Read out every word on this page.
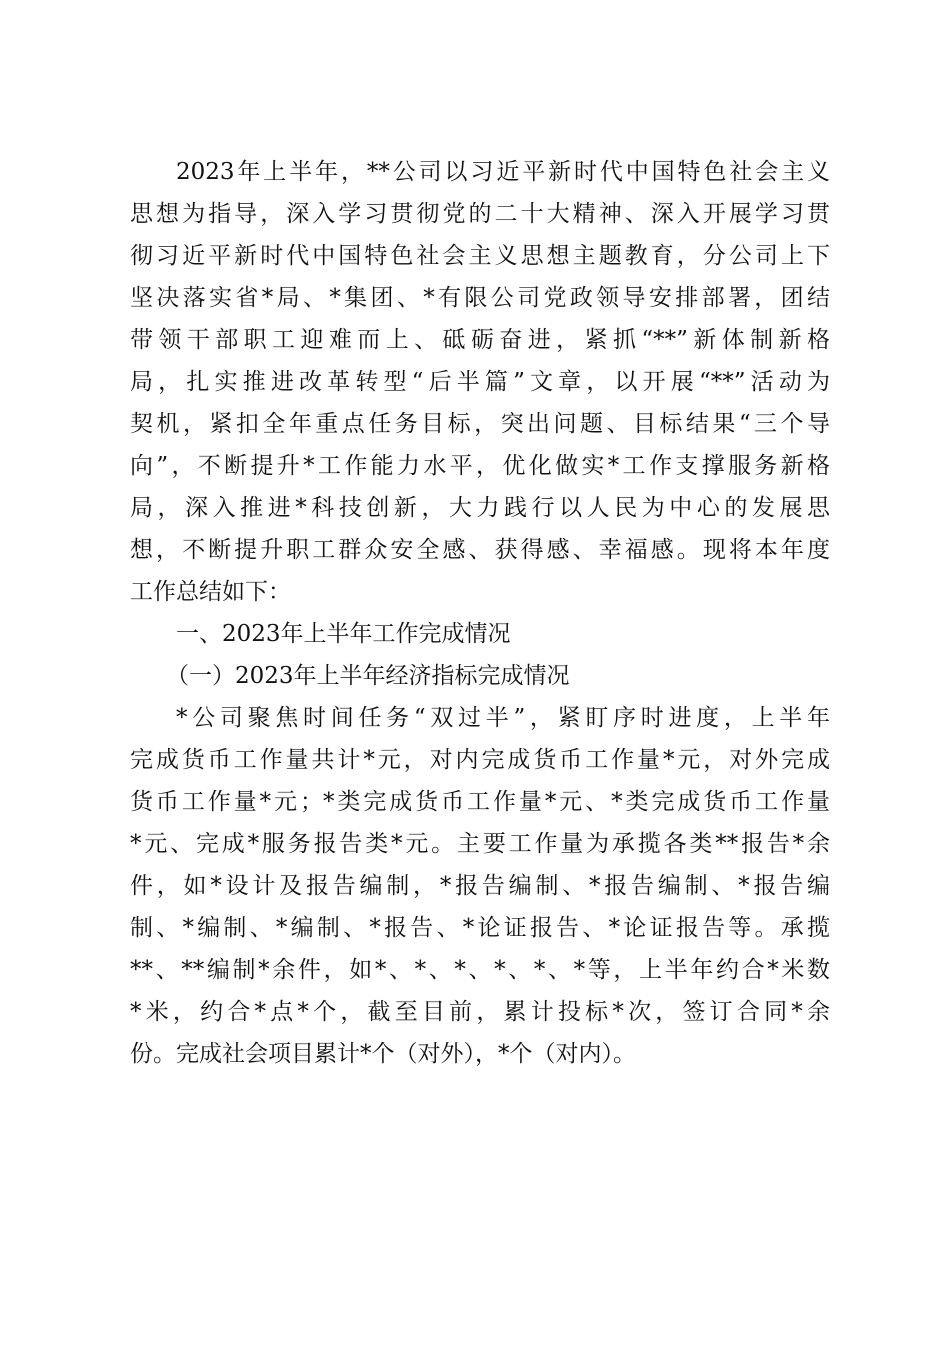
2023年上半年，**公司以习近平新时代中国特色社会主义
思想为指导，深入学习贯彻党的二十大精神、深入开展学习贯
彻习近平新时代中国特色社会主义思想主题教育，分公司上下
坚决落实省*局、*集团、*有限公司党政领导安排部署，团结
带领干部职工迎难而上、砥砺奋进，紧抓“**”新体制新格
局，扎实推进改革转型“后半篇”文章，以开展“**”活动为
契机，紧扣全年重点任务目标，突出问题、目标结果“三个导
向”，不断提升*工作能力水平，优化做实*工作支撑服务新格
局，深入推进*科技创新，大力践行以人民为中心的发展思
想，不断提升职工群众安全感、获得感、幸福感。现将本年度
工作总结如下：
一、2023年上半年工作完成情况
（一）2023年上半年经济指标完成情况
*公司聚焦时间任务“双过半”，紧盯序时进度，上半年
完成货币工作量共计*元，对内完成货币工作量*元，对外完成
货币工作量*元；*类完成货币工作量*元、*类完成货币工作量
*元、完成*服务报告类*元。主要工作量为承揽各类**报告*余
件，如*设计及报告编制，*报告编制、*报告编制、*报告编
制、*编制、*编制、*报告、*论证报告、*论证报告等。承揽
**、**编制*余件，如*、*、*、*、*、*等，上半年约合*米数
*米，约合*点*个，截至目前，累计投标*次，签订合同*余
份。完成社会项目累计*个（对外），*个（对内）。
